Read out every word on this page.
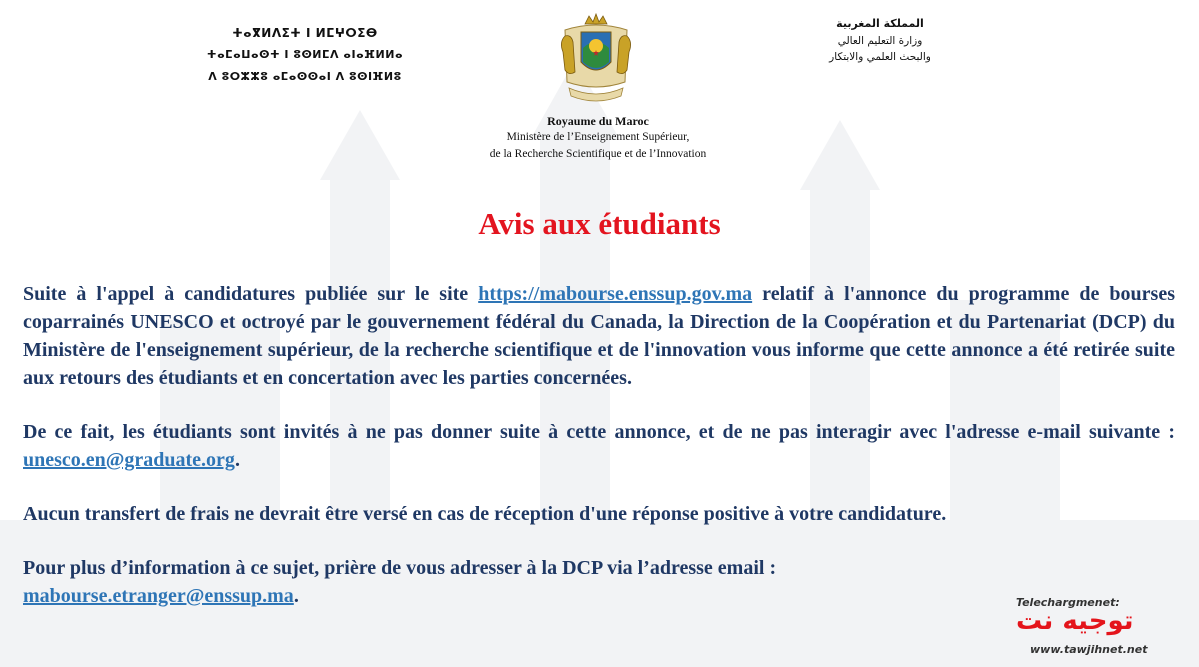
ⵜⴰⴳⵍⴷⵉⵜ ⵏ ⵍⵎⵖⵔⵉⴱ
ⵜⴰⵎⴰⵡⴰⵙⵜ ⵏ ⵓⵙⵍⵎⴷ ⴰⵏⴰⴼⵍⵍⴰ
ⴷ ⵓⵔⵣⵣⵓ ⴰⵎⴰⵙⵙⴰⵏ ⴷ ⵓⵙⵏⴼⵍⵓ
المملكة المغربية
وزارة التعليم العالي
والبحث العلمي والابتكار
Royaume du Maroc
Ministère de l’Enseignement Supérieur,
de la Recherche Scientifique et de l’Innovation
Avis aux étudiants

Suite à l'appel à candidatures publiée sur le site https://mabourse.enssup.gov.ma relatif à l'annonce du programme de bourses coparrainés UNESCO et octroyé par le gouvernement fédéral du Canada, la Direction de la Coopération et du Partenariat (DCP) du Ministère de l'enseignement supérieur, de la recherche scientifique et de l'innovation vous informe que cette annonce a été retirée suite aux retours des étudiants et en concertation avec les parties concernées.

De ce fait, les étudiants sont invités à ne pas donner suite à cette annonce, et de ne pas interagir avec l'adresse e-mail suivante : unesco.en@graduate.org.

Aucun transfert de frais ne devrait être versé en cas de réception d'une réponse positive à votre candidature.

Pour plus d’information à ce sujet, prière de vous adresser à la DCP via l’adresse email :
mabourse.etranger@enssup.ma.	Telechargmenet:
توجيه نت
www.tawjihnet.net
